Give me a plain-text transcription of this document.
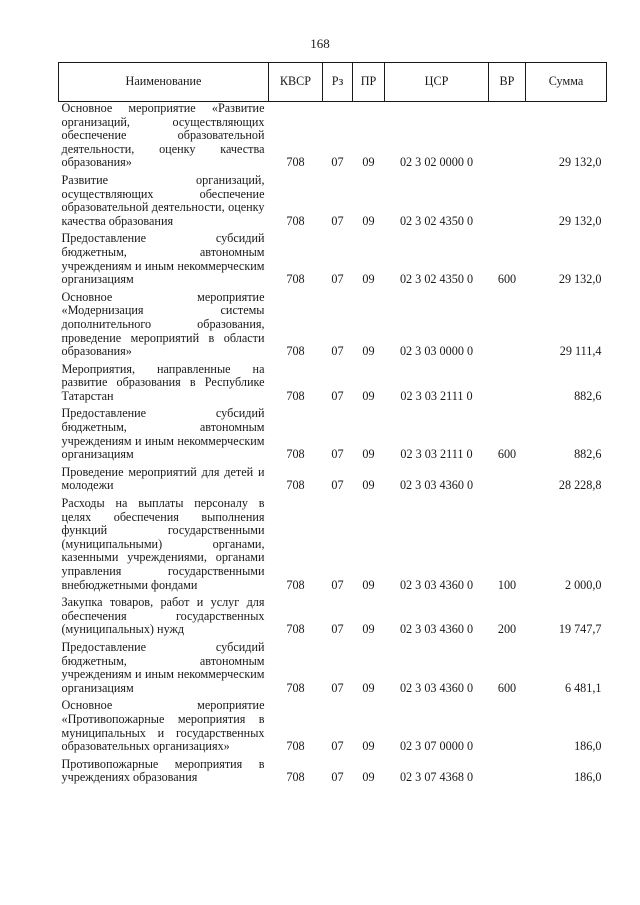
168
Наименование	КВСР	Рз	ПР	ЦСР	ВР	Сумма
Основное мероприятие «Развитие организаций, осуществляющих обеспечение образовательной деятельности, оценку качества образования»	708	07	09	02 3 02 0000 0		29 132,0
Развитие организаций, осуществляющих обеспечение образовательной деятельности, оценку качества образования	708	07	09	02 3 02 4350 0		29 132,0
Предоставление субсидий бюджетным, автономным учреждениям и иным некоммерческим организациям	708	07	09	02 3 02 4350 0	600	29 132,0
Основное мероприятие «Модернизация системы дополнительного образования, проведение мероприятий в области образования»	708	07	09	02 3 03 0000 0		29 111,4
Мероприятия, направленные на развитие образования в Республике Татарстан	708	07	09	02 3 03 2111 0		882,6
Предоставление субсидий бюджетным, автономным учреждениям и иным некоммерческим организациям	708	07	09	02 3 03 2111 0	600	882,6
Проведение мероприятий для детей и молодежи	708	07	09	02 3 03 4360 0		28 228,8
Расходы на выплаты персоналу в целях обеспечения выполнения функций государственными (муниципальными) органами, казенными учреждениями, органами управления государственными внебюджетными фондами	708	07	09	02 3 03 4360 0	100	2 000,0
Закупка товаров, работ и услуг для обеспечения государственных (муниципальных) нужд	708	07	09	02 3 03 4360 0	200	19 747,7
Предоставление субсидий бюджетным, автономным учреждениям и иным некоммерческим организациям	708	07	09	02 3 03 4360 0	600	6 481,1
Основное мероприятие «Противопожарные мероприятия в муниципальных и государственных образовательных организациях»	708	07	09	02 3 07 0000 0		186,0
Противопожарные мероприятия в учреждениях образования	708	07	09	02 3 07 4368 0		186,0
